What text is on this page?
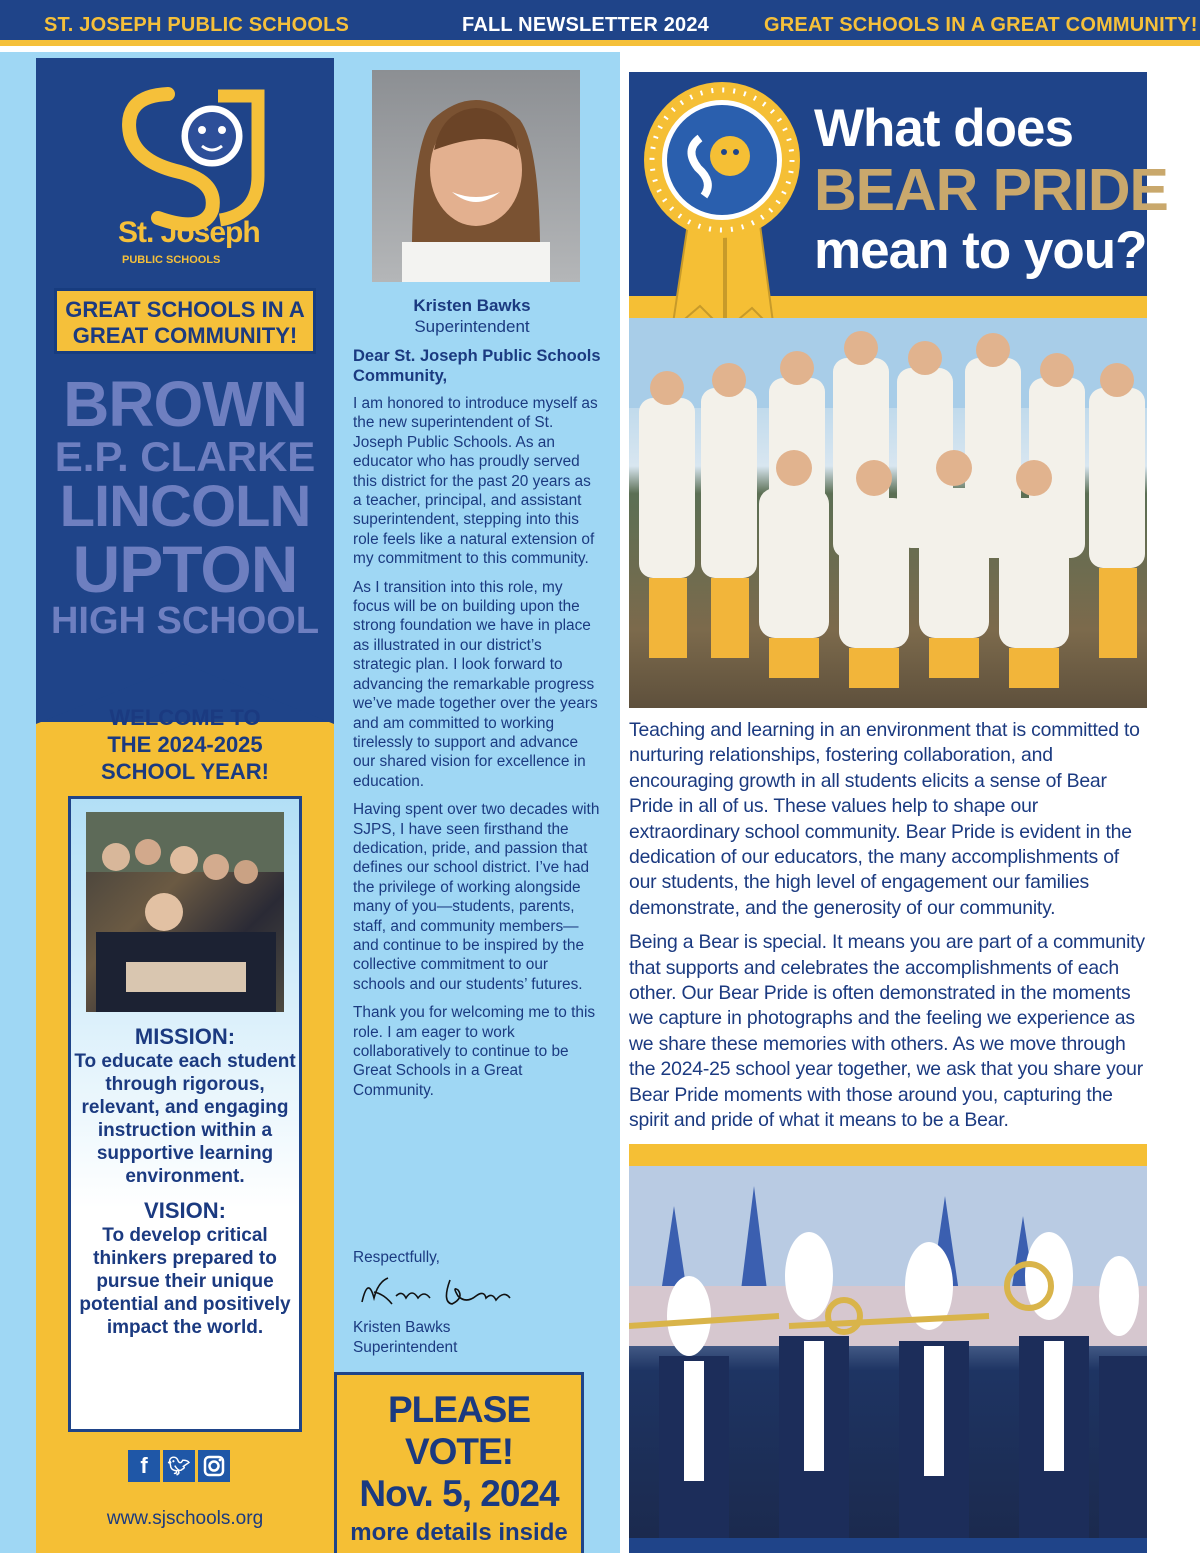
ST. JOSEPH PUBLIC SCHOOLS	FALL NEWSLETTER 2024	GREAT SCHOOLS IN A GREAT COMMUNITY!
St. Joseph
PUBLIC SCHOOLS
GREAT SCHOOLS IN A
GREAT COMMUNITY!
BROWN
E.P. CLARKE
LINCOLN
UPTON
HIGH SCHOOL
WELCOME TO
THE 2024-2025
SCHOOL YEAR!
MISSION:

To educate each student through rigorous, relevant, and engaging instruction within a supportive learning environment.

VISION:

To develop critical thinkers prepared to pursue their unique potential and positively impact the world.

f	🐦︎
www.sjschools.org
Kristen Bawks
Superintendent
Dear St. Joseph Public Schools Community,

I am honored to introduce myself as the new superintendent of St. Joseph Public Schools. As an educator who has proudly served this district for the past 20 years as a teacher, principal, and assistant superintendent, stepping into this role feels like a natural extension of my commitment to this community.

As I transition into this role, my focus will be on building upon the strong foundation we have in place as illustrated in our district’s strategic plan. I look forward to advancing the remarkable progress we’ve made together over the years and am committed to working tirelessly to support and advance our shared vision for excellence in education.

Having spent over two decades with SJPS, I have seen firsthand the dedication, pride, and passion that defines our school district. I’ve had the privilege of working alongside many of you—students, parents, staff, and community members—and continue to be inspired by the collective commitment to our schools and our students’ futures.

Thank you for welcoming me to this role. I am eager to work collaboratively to continue to be Great Schools in a Great Community.

Respectfully,
Kristen Bawks
Superintendent
PLEASE VOTE!
Nov. 5, 2024
more details inside
What does
BEAR PRIDE
mean to you?

Teaching and learning in an environment that is committed to nurturing relationships, fostering collaboration, and encouraging growth in all students elicits a sense of Bear Pride in all of us. These values help to shape our extraordinary school community. Bear Pride is evident in the dedication of our educators, the many accomplishments of our students, the high level of engagement our families demonstrate, and the generosity of our community.

Being a Bear is special. It means you are part of a community that supports and celebrates the accomplishments of each other. Our Bear Pride is often demonstrated in the moments we capture in photographs and the feeling we experience as we share these memories with others. As we move through the 2024-25 school year together, we ask that you share your Bear Pride moments with those around you, capturing the spirit and pride of what it means to be a Bear.
